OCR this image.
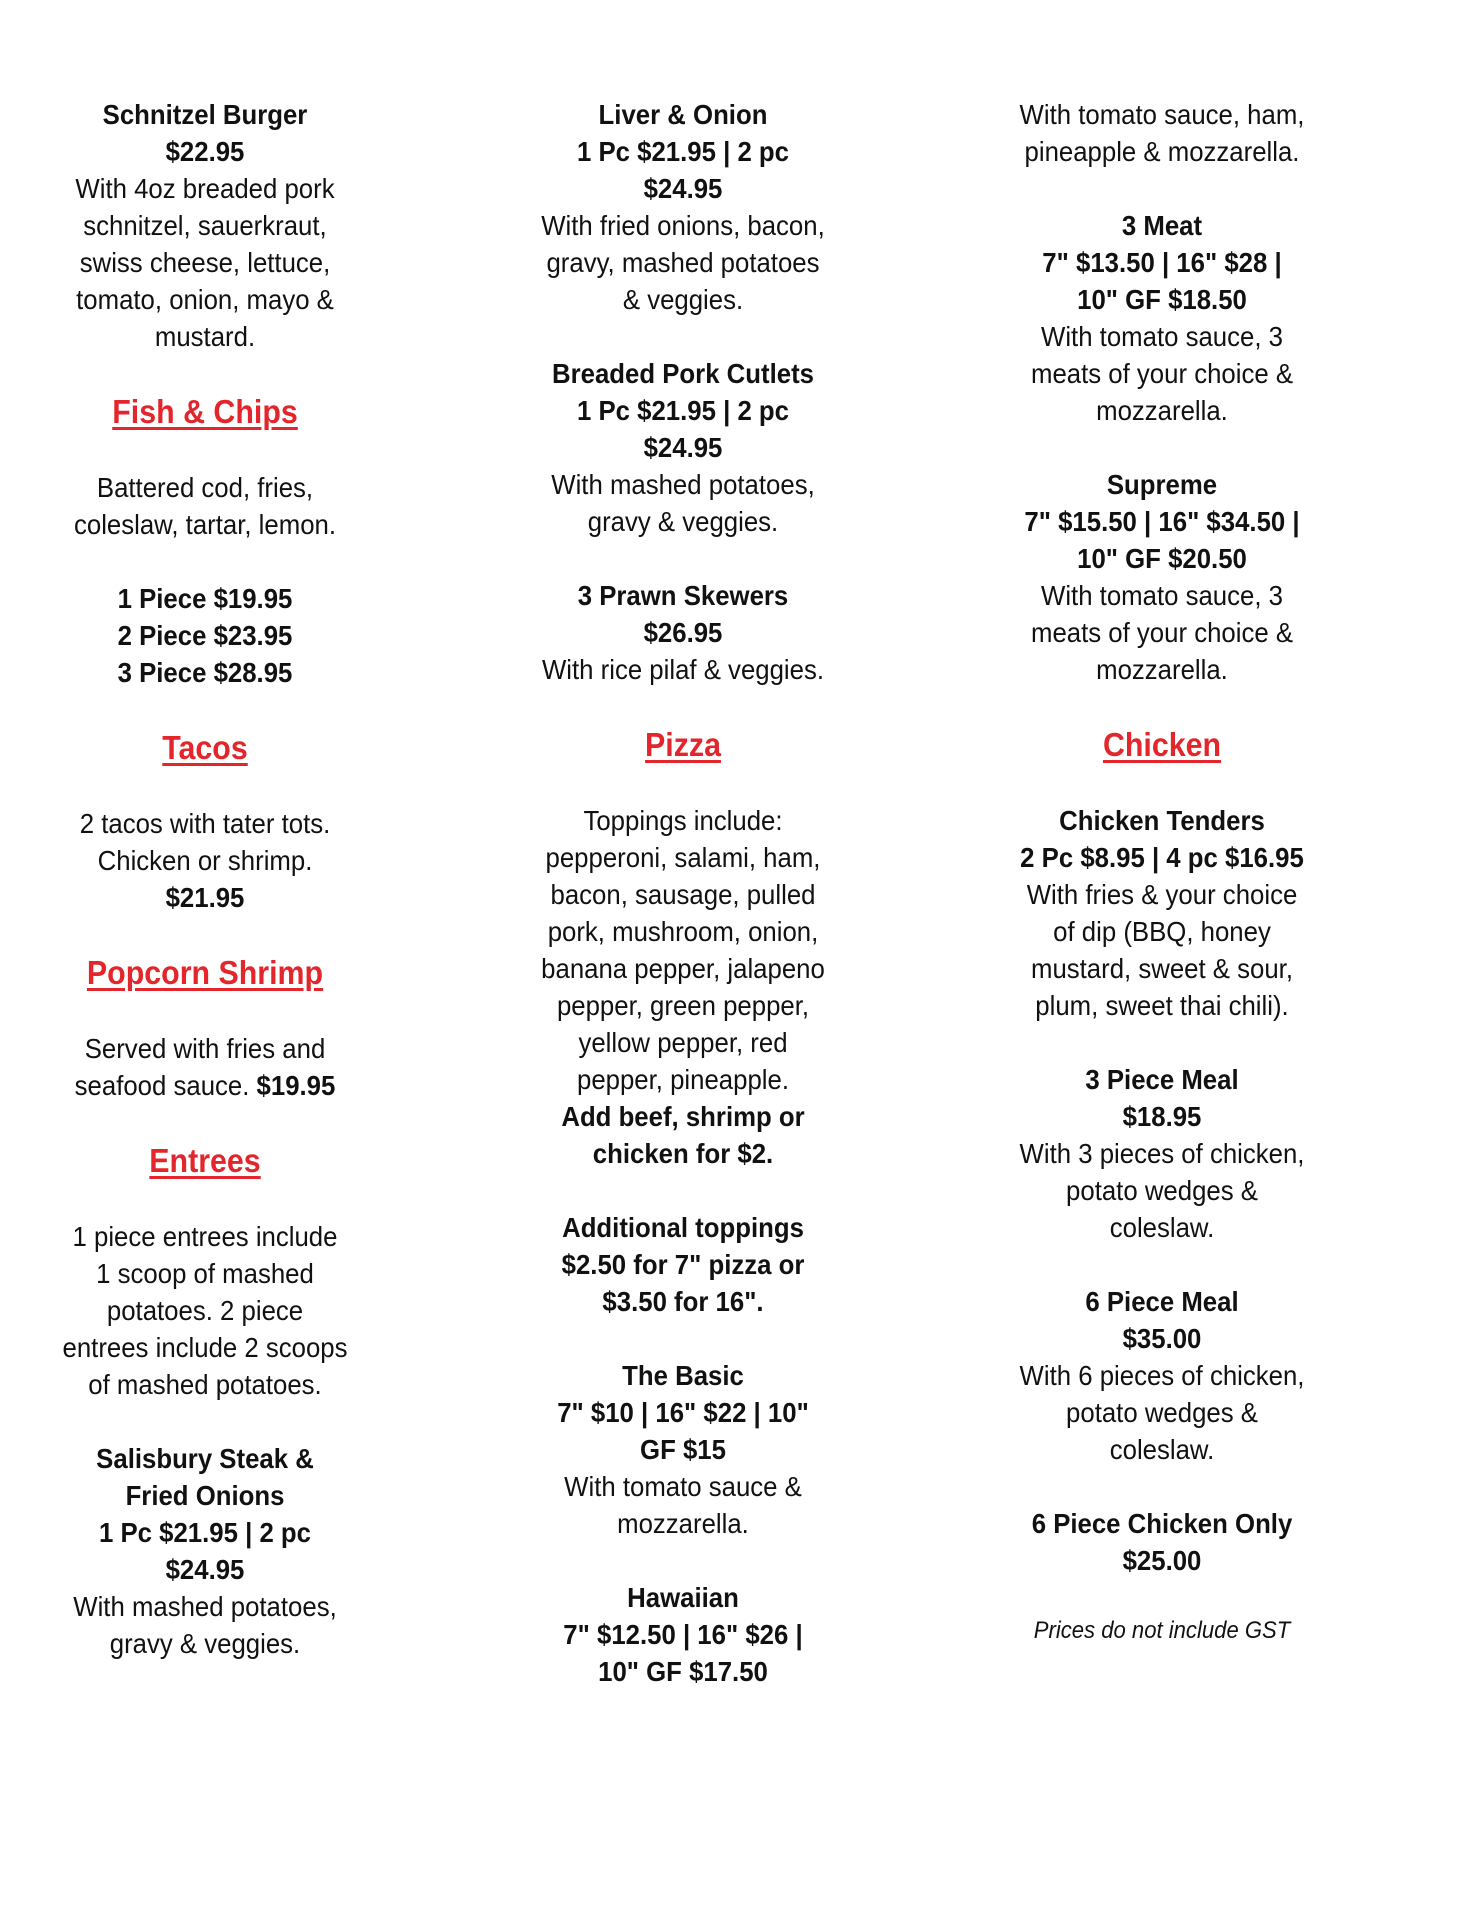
Schnitzel Burger
$22.95
With 4oz breaded pork schnitzel, sauerkraut, swiss cheese, lettuce, tomato, onion, mayo & mustard.
Fish & Chips
Battered cod, fries, coleslaw, tartar, lemon.
1 Piece $19.95
2 Piece $23.95
3 Piece $28.95
Tacos
2 tacos with tater tots. Chicken or shrimp.
$21.95
Popcorn Shrimp
Served with fries and seafood sauce. $19.95
Entrees
1 piece entrees include 1 scoop of mashed potatoes. 2 piece entrees include 2 scoops of mashed potatoes.
Salisbury Steak & Fried Onions
1 Pc $21.95 | 2 pc $24.95
With mashed potatoes, gravy & veggies.
Liver & Onion
1 Pc $21.95 | 2 pc $24.95
With fried onions, bacon, gravy, mashed potatoes & veggies.
Breaded Pork Cutlets
1 Pc $21.95 | 2 pc $24.95
With mashed potatoes, gravy & veggies.
3 Prawn Skewers
$26.95
With rice pilaf & veggies.
Pizza
Toppings include: pepperoni, salami, ham, bacon, sausage, pulled pork, mushroom, onion, banana pepper, jalapeno pepper, green pepper, yellow pepper, red pepper, pineapple.
Add beef, shrimp or chicken for $2.
Additional toppings $2.50 for 7" pizza or $3.50 for 16".
The Basic
7" $10 | 16" $22 | 10" GF $15
With tomato sauce & mozzarella.
Hawaiian
7" $12.50 | 16" $26 | 10" GF $17.50
With tomato sauce, ham, pineapple & mozzarella.
3 Meat
7" $13.50 | 16" $28 | 10" GF $18.50
With tomato sauce, 3 meats of your choice & mozzarella.
Supreme
7" $15.50 | 16" $34.50 | 10" GF $20.50
With tomato sauce, 3 meats of your choice & mozzarella.
Chicken
Chicken Tenders
2 Pc $8.95 | 4 pc $16.95
With fries & your choice of dip (BBQ, honey mustard, sweet & sour, plum, sweet thai chili).
3 Piece Meal
$18.95
With 3 pieces of chicken, potato wedges & coleslaw.
6 Piece Meal
$35.00
With 6 pieces of chicken, potato wedges & coleslaw.
6 Piece Chicken Only
$25.00
Prices do not include GST
